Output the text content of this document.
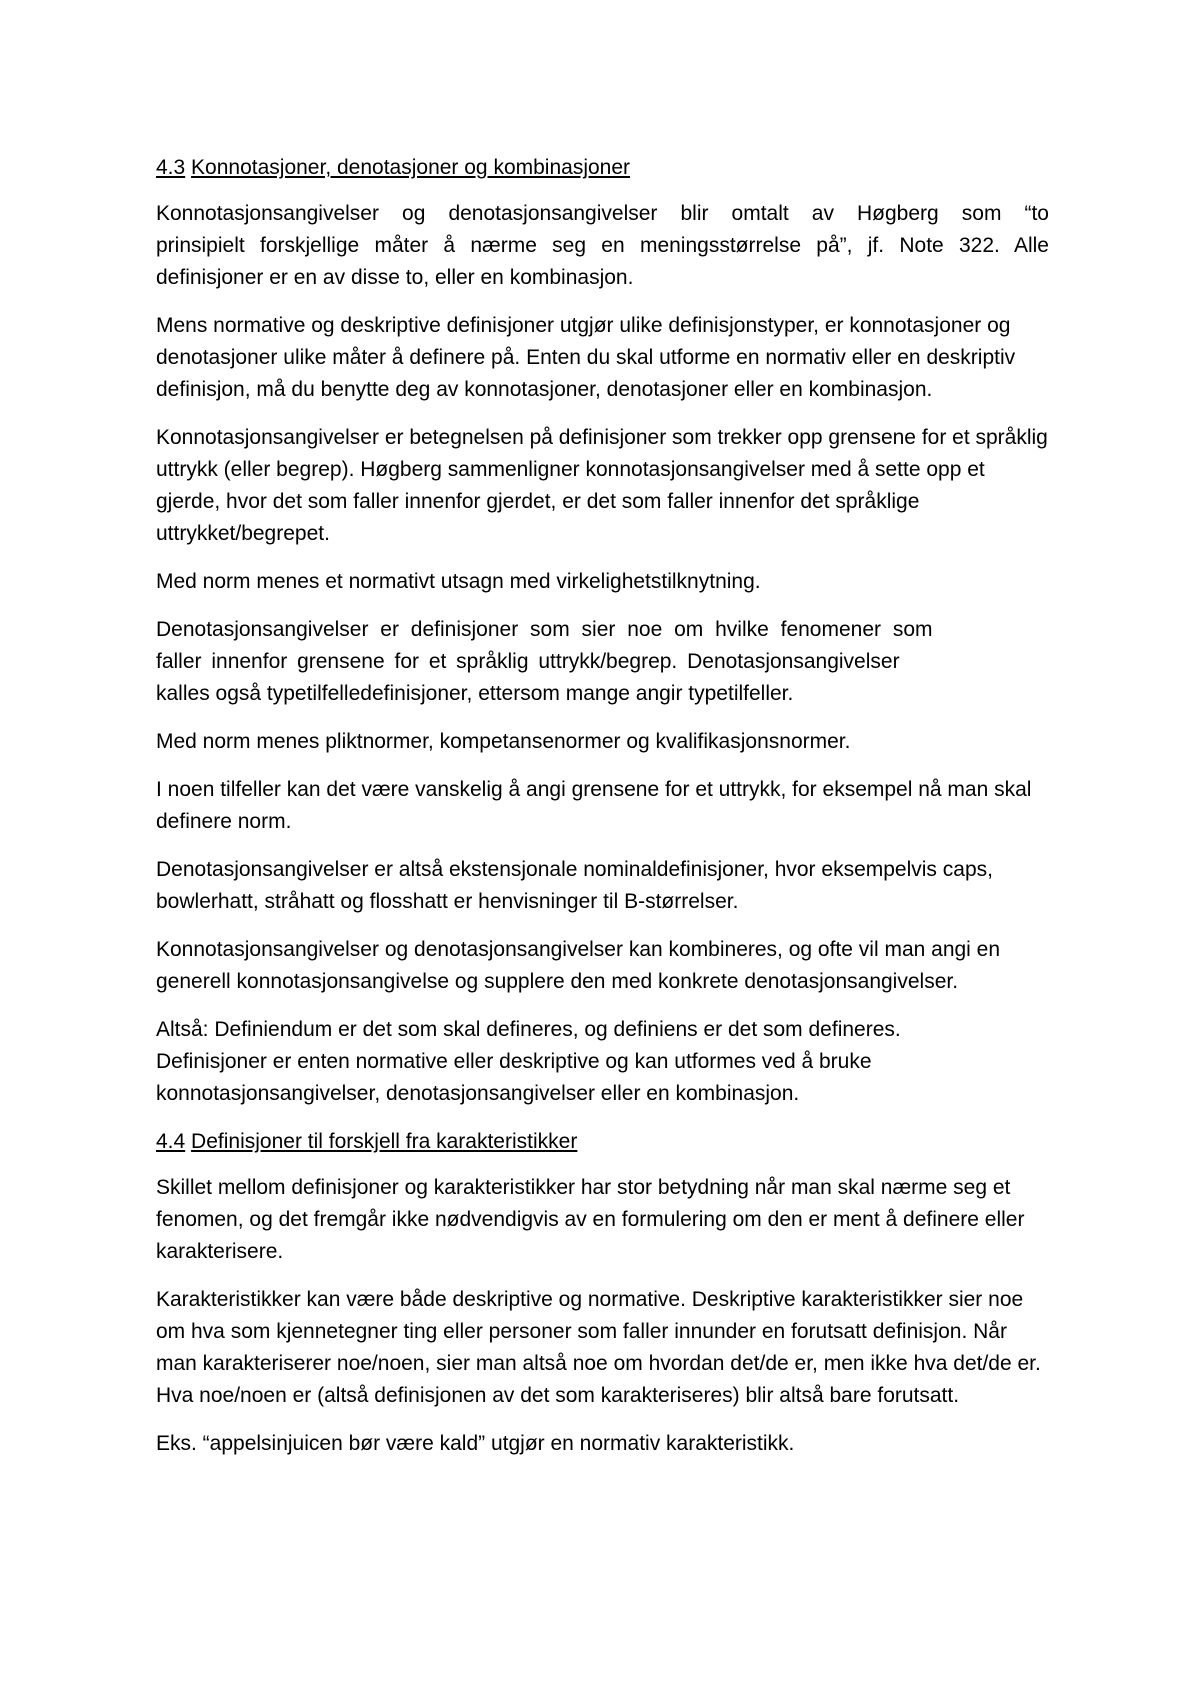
4.3 Konnotasjoner, denotasjoner og kombinasjoner
Konnotasjonsangivelser og denotasjonsangivelser blir omtalt av Høgberg som “to
prinsipielt forskjellige måter å nærme seg en meningsstørrelse på”, jf. Note 322. Alle
definisjoner er en av disse to, eller en kombinasjon.

Mens normative og deskriptive definisjoner utgjør ulike definisjonstyper, er konnotasjoner og denotasjoner ulike måter å definere på. Enten du skal utforme en normativ eller en deskriptiv definisjon, må du benytte deg av konnotasjoner, denotasjoner eller en kombinasjon.

Konnotasjonsangivelser er betegnelsen på definisjoner som trekker opp grensene for et språklig uttrykk (eller begrep). Høgberg sammenligner konnotasjonsangivelser med å sette opp et gjerde, hvor det som faller innenfor gjerdet, er det som faller innenfor det språklige uttrykket/begrepet.

Med norm menes et normativt utsagn med virkelighetstilknytning.

Denotasjonsangivelser er definisjoner som sier noe om hvilke fenomener som
faller innenfor grensene for et språklig uttrykk/begrep. Denotasjonsangivelser
kalles også typetilfelledefinisjoner, ettersom mange angir typetilfeller.

Med norm menes pliktnormer, kompetansenormer og kvalifikasjonsnormer.

I noen tilfeller kan det være vanskelig å angi grensene for et uttrykk, for eksempel nå man skal definere norm.

Denotasjonsangivelser er altså ekstensjonale nominaldefinisjoner, hvor eksempelvis caps, bowlerhatt, stråhatt og flosshatt er henvisninger til B-størrelser.

Konnotasjonsangivelser og denotasjonsangivelser kan kombineres, og ofte vil man angi en generell konnotasjonsangivelse og supplere den med konkrete denotasjonsangivelser.

Altså: Definiendum er det som skal defineres, og definiens er det som defineres.
Definisjoner er enten normative eller deskriptive og kan utformes ved å bruke
konnotasjonsangivelser, denotasjonsangivelser eller en kombinasjon.
4.4 Definisjoner til forskjell fra karakteristikker

Skillet mellom definisjoner og karakteristikker har stor betydning når man skal nærme seg et fenomen, og det fremgår ikke nødvendigvis av en formulering om den er ment å definere eller karakterisere.

Karakteristikker kan være både deskriptive og normative. Deskriptive karakteristikker sier noe om hva som kjennetegner ting eller personer som faller innunder en forutsatt definisjon. Når man karakteriserer noe/noen, sier man altså noe om hvordan det/de er, men ikke hva det/de er. Hva noe/noen er (altså definisjonen av det som karakteriseres) blir altså bare forutsatt.

Eks. “appelsinjuicen bør være kald” utgjør en normativ karakteristikk.
